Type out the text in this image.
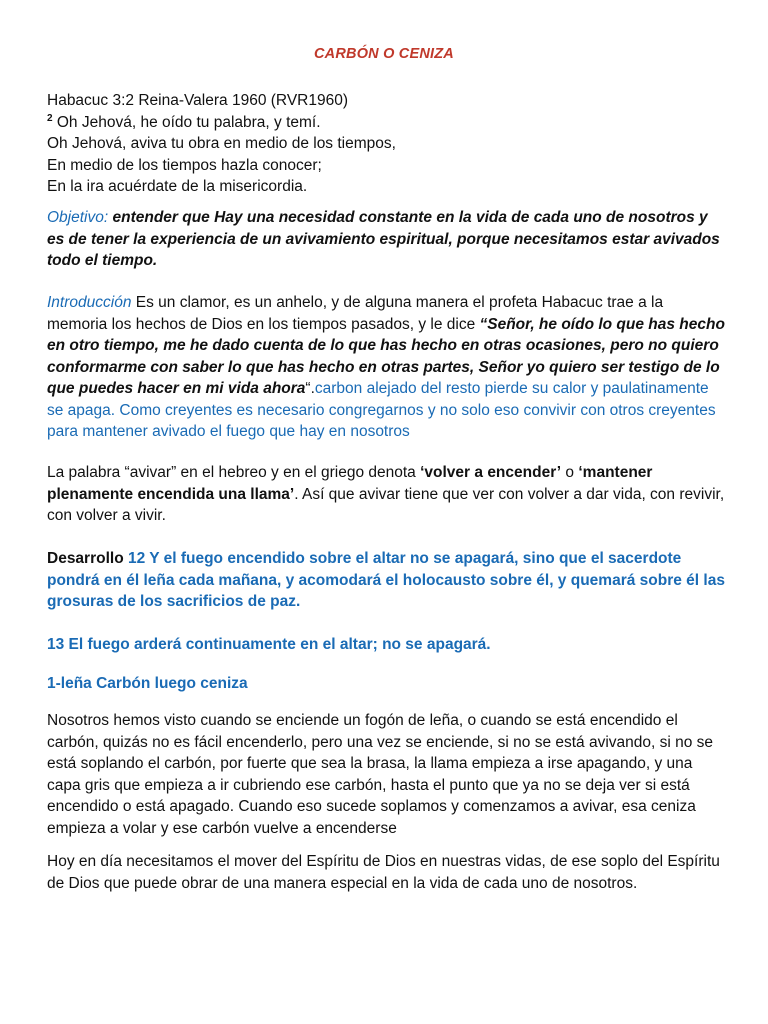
CARBÓN O CENIZA

Habacuc 3:2 Reina-Valera 1960 (RVR1960)

$^2$ Oh Jehová, he oído tu palabra, y temí.

Oh Jehová, aviva tu obra en medio de los tiempos,

En medio de los tiempos hazla conocer;

En la ira acuérdate de la misericordia.

Objetivo: entender que Hay una necesidad constante en la vida de cada uno de nosotros y es de tener la experiencia de un avivamiento espiritual, porque necesitamos estar avivados todo el tiempo.
Introducción Es un clamor, es un anhelo, y de alguna manera el profeta Habacuc trae a la memoria los hechos de Dios en los tiempos pasados, y le dice “Señor, he oído lo que has hecho en otro tiempo, me he dado cuenta de lo que has hecho en otras ocasiones, pero no quiero conformarme con saber lo que has hecho en otras partes, Señor yo quiero ser testigo de lo que puedes hacer en mi vida ahora“.carbon alejado del resto pierde su calor y paulatinamente se apaga. Como creyentes es necesario congregarnos y no solo eso convivir con otros creyentes para mantener avivado el fuego que hay en nosotros
La palabra “avivar” en el hebreo y en el griego denota ‘volver a encender’ o ‘mantener plenamente encendida una llama’. Así que avivar tiene que ver con volver a dar vida, con revivir, con volver a vivir.
Desarrollo 12 Y el fuego encendido sobre el altar no se apagará, sino que el sacerdote pondrá en él leña cada mañana, y acomodará el holocausto sobre él, y quemará sobre él las grosuras de los sacrificios de paz.
13 El fuego arderá continuamente en el altar; no se apagará.
1-leña Carbón luego ceniza
Nosotros hemos visto cuando se enciende un fogón de leña, o cuando se está encendido el carbón, quizás no es fácil encenderlo, pero una vez se enciende, si no se está avivando, si no se está soplando el carbón, por fuerte que sea la brasa, la llama empieza a irse apagando, y una capa gris que empieza a ir cubriendo ese carbón, hasta el punto que ya no se deja ver si está encendido o está apagado. Cuando eso sucede soplamos y comenzamos a avivar, esa ceniza empieza a volar y ese carbón vuelve a encenderse
Hoy en día necesitamos el mover del Espíritu de Dios en nuestras vidas, de ese soplo del Espíritu de Dios que puede obrar de una manera especial en la vida de cada uno de nosotros.
